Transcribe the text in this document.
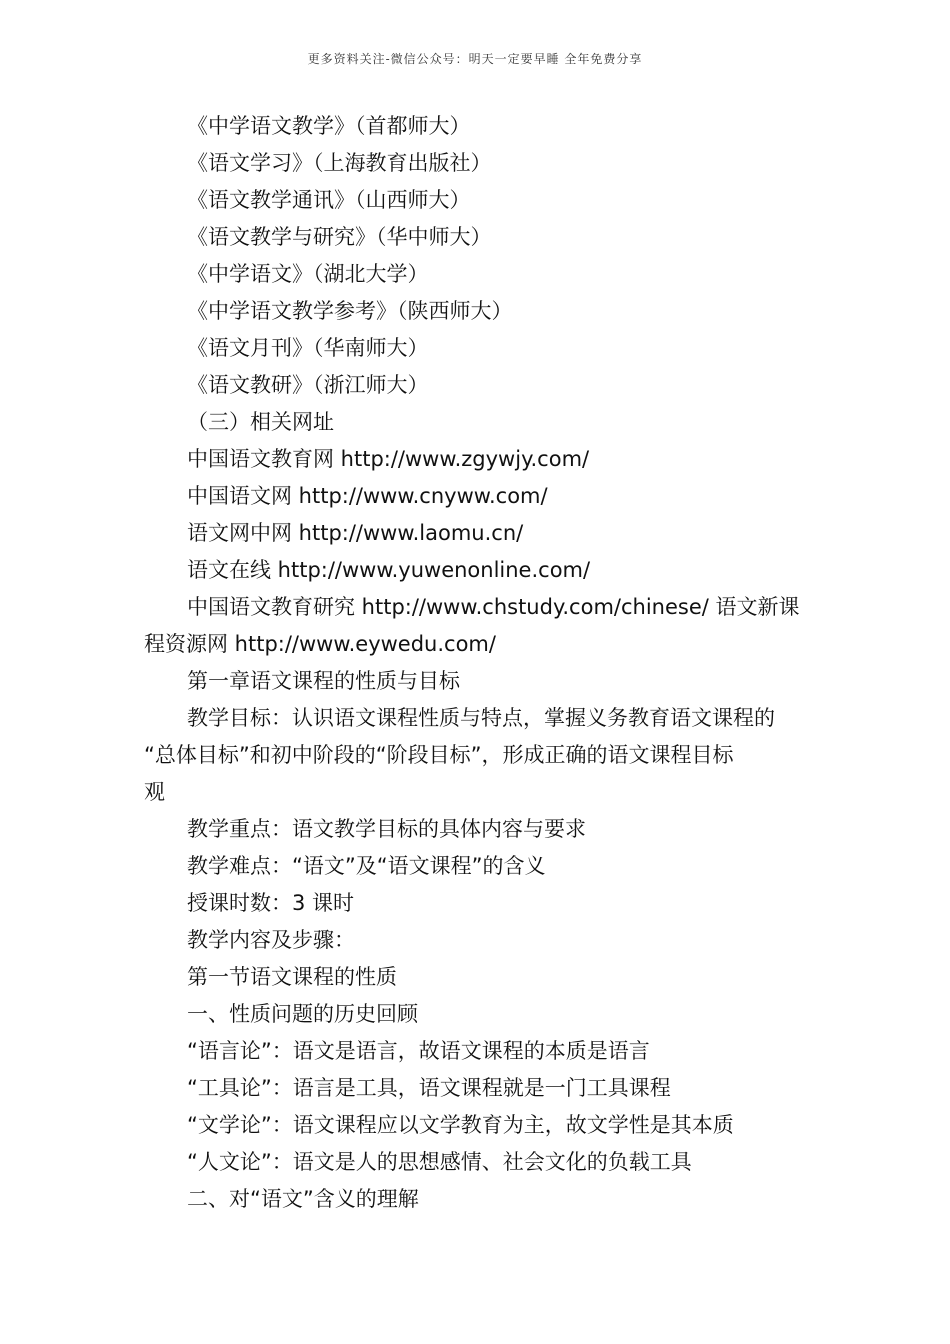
更多资料关注-微信公众号：明天一定要早睡 全年免费分享
《中学语文教学》（首都师大）
《语文学习》（上海教育出版社）
《语文教学通讯》（山西师大）
《语文教学与研究》（华中师大）
《中学语文》（湖北大学）
《中学语文教学参考》（陕西师大）
《语文月刊》（华南师大）
《语文教研》（浙江师大）
（三）相关网址
中国语文教育网 http://www.zgywjy.com/
中国语文网 http://www.cnyww.com/
语文网中网 http://www.laomu.cn/
语文在线 http://www.yuwenonline.com/
中国语文教育研究 http://www.chstudy.com/chinese/ 语文新课
程资源网 http://www.eywedu.com/
第一章语文课程的性质与目标
教学目标：认识语文课程性质与特点，掌握义务教育语文课程的
“总体目标”和初中阶段的“阶段目标”，形成正确的语文课程目标
观
教学重点：语文教学目标的具体内容与要求
教学难点：“语文”及“语文课程”的含义
授课时数：3 课时
教学内容及步骤：
第一节语文课程的性质
一、性质问题的历史回顾
“语言论”：语文是语言，故语文课程的本质是语言
“工具论”：语言是工具，语文课程就是一门工具课程
“文学论”：语文课程应以文学教育为主，故文学性是其本质
“人文论”：语文是人的思想感情、社会文化的负载工具
二、对“语文”含义的理解
